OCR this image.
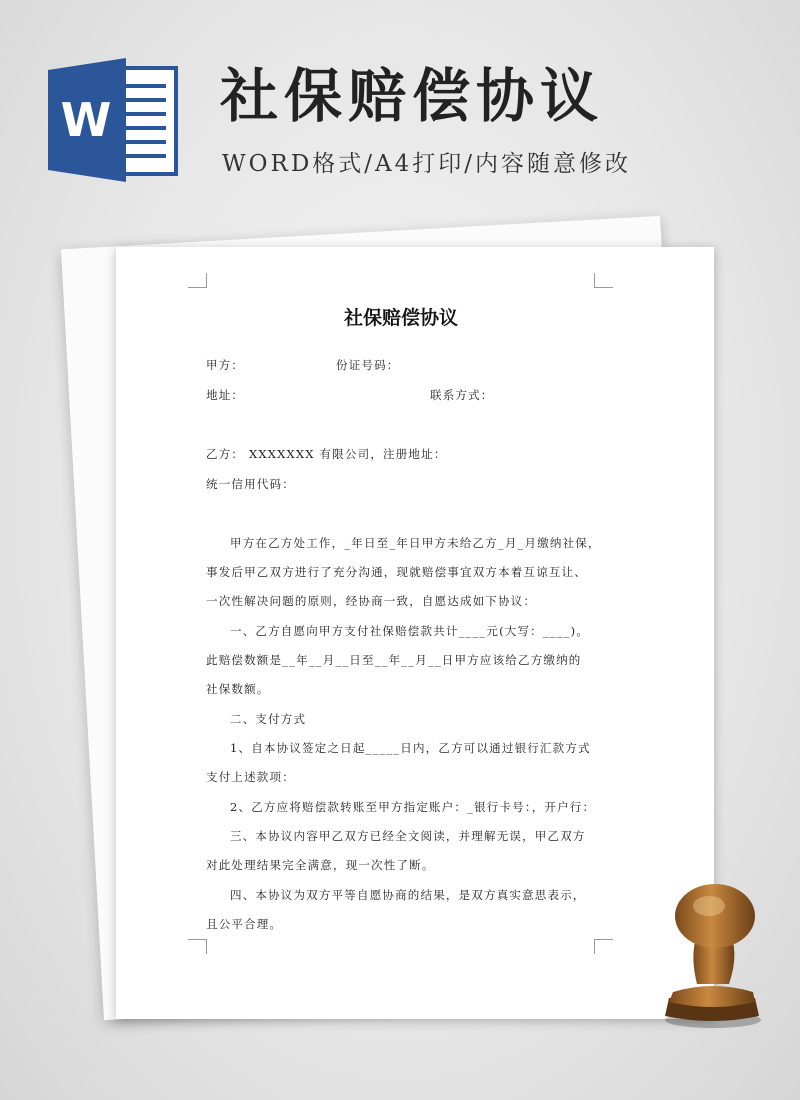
W 社保赔偿协议
WORD格式/A4打印/内容随意修改
社保赔偿协议
甲方：	份证号码：
地址：	联系方式：
乙方： XXXXXXX 有限公司，注册地址：
统一信用代码：
甲方在乙方处工作，_年日至_年日甲方未给乙方_月_月缴纳社保，
事发后甲乙双方进行了充分沟通，现就赔偿事宜双方本着互谅互让、
一次性解决问题的原则，经协商一致，自愿达成如下协议：
一、乙方自愿向甲方支付社保赔偿款共计____元(大写：____)。
此赔偿数额是__年__月__日至__年__月__日甲方应该给乙方缴纳的
社保数额。
二、支付方式
1、自本协议签定之日起_____日内，乙方可以通过银行汇款方式
支付上述款项：
2、乙方应将赔偿款转账至甲方指定账户：_银行卡号：，开户行：
三、本协议内容甲乙双方已经全文阅读，并理解无误，甲乙双方
对此处理结果完全满意，现一次性了断。
四、本协议为双方平等自愿协商的结果，是双方真实意思表示，
且公平合理。
